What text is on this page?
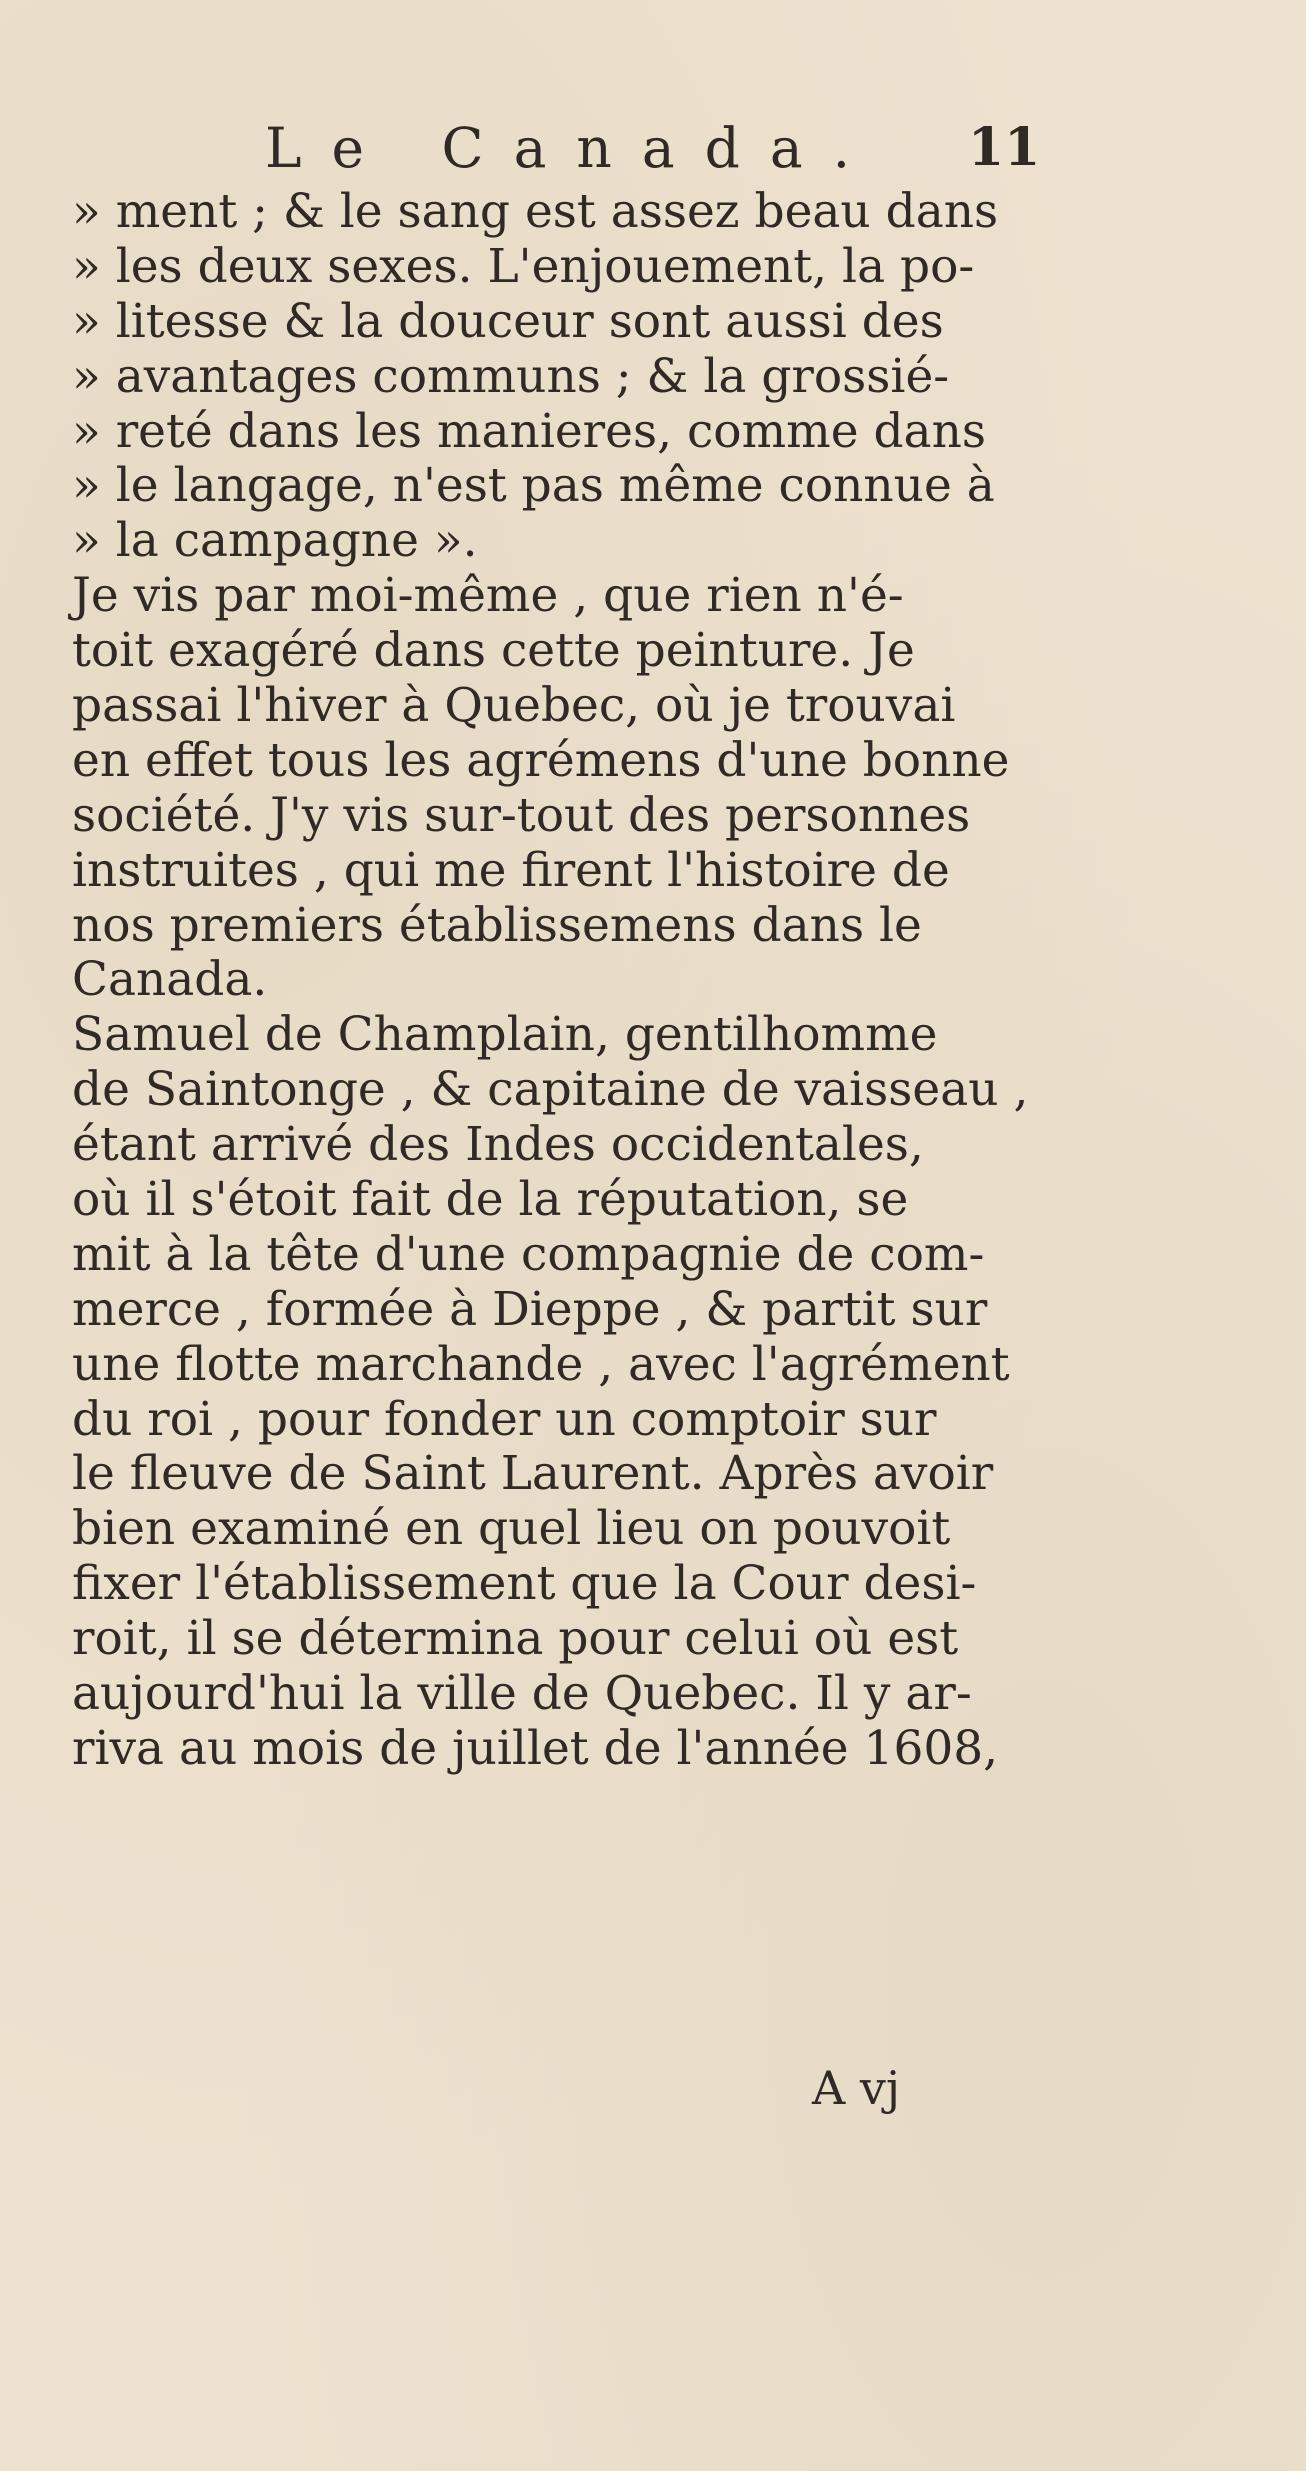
Le Canada.	11
» ment ; & le sang est assez beau dans
» les deux sexes. L'enjouement, la po-
» litesse & la douceur sont aussi des
» avantages communs ; & la grossié-
» reté dans les manieres, comme dans
» le langage, n'est pas même connue à
» la campagne ».
Je vis par moi-même , que rien n'é-
toit exagéré dans cette peinture. Je
passai l'hiver à Quebec, où je trouvai
en effet tous les agrémens d'une bonne
société. J'y vis sur-tout des personnes
instruites , qui me firent l'histoire de
nos premiers établissemens dans le
Canada.
Samuel de Champlain, gentilhomme
de Saintonge , & capitaine de vaisseau ,
étant arrivé des Indes occidentales,
où il s'étoit fait de la réputation, se
mit à la tête d'une compagnie de com-
merce , formée à Dieppe , & partit sur
une flotte marchande , avec l'agrément
du roi , pour fonder un comptoir sur
le fleuve de Saint Laurent. Après avoir
bien examiné en quel lieu on pouvoit
fixer l'établissement que la Cour desi-
roit, il se détermina pour celui où est
aujourd'hui la ville de Quebec. Il y ar-
riva au mois de juillet de l'année 1608,
A vj
